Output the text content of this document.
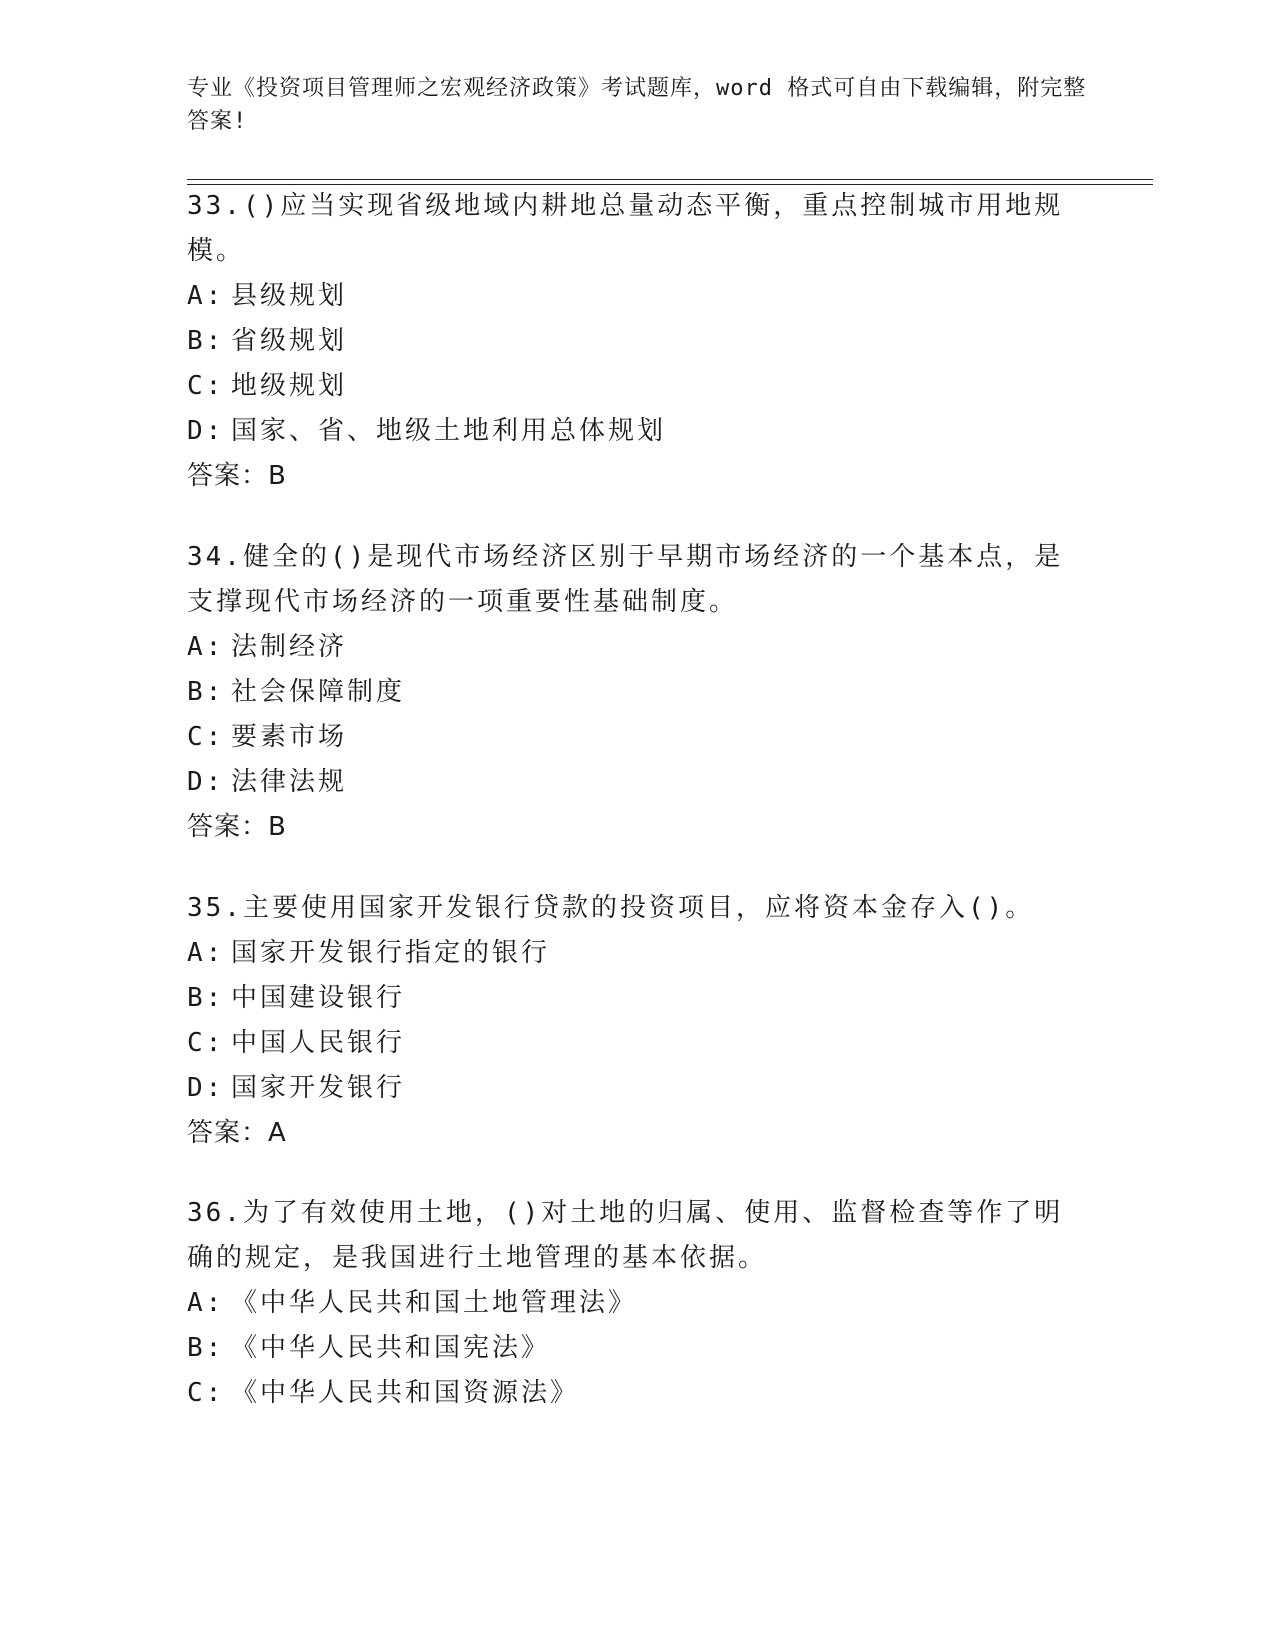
专业《投资项目管理师之宏观经济政策》考试题库，word 格式可自由下载编辑，附完整答案!

33.()应当实现省级地域内耕地总量动态平衡，重点控制城市用地规模。

A: 县级规划

B: 省级规划

C: 地级规划

D: 国家、省、地级土地利用总体规划

答案：B

34.健全的()是现代市场经济区别于早期市场经济的一个基本点，是支撑现代市场经济的一项重要性基础制度。

A: 法制经济

B: 社会保障制度

C: 要素市场

D: 法律法规

答案：B

35.主要使用国家开发银行贷款的投资项目，应将资本金存入()。

A: 国家开发银行指定的银行

B: 中国建设银行

C: 中国人民银行

D: 国家开发银行

答案：A

36.为了有效使用土地，()对土地的归属、使用、监督检查等作了明确的规定，是我国进行土地管理的基本依据。

A: 《中华人民共和国土地管理法》

B: 《中华人民共和国宪法》

C: 《中华人民共和国资源法》
